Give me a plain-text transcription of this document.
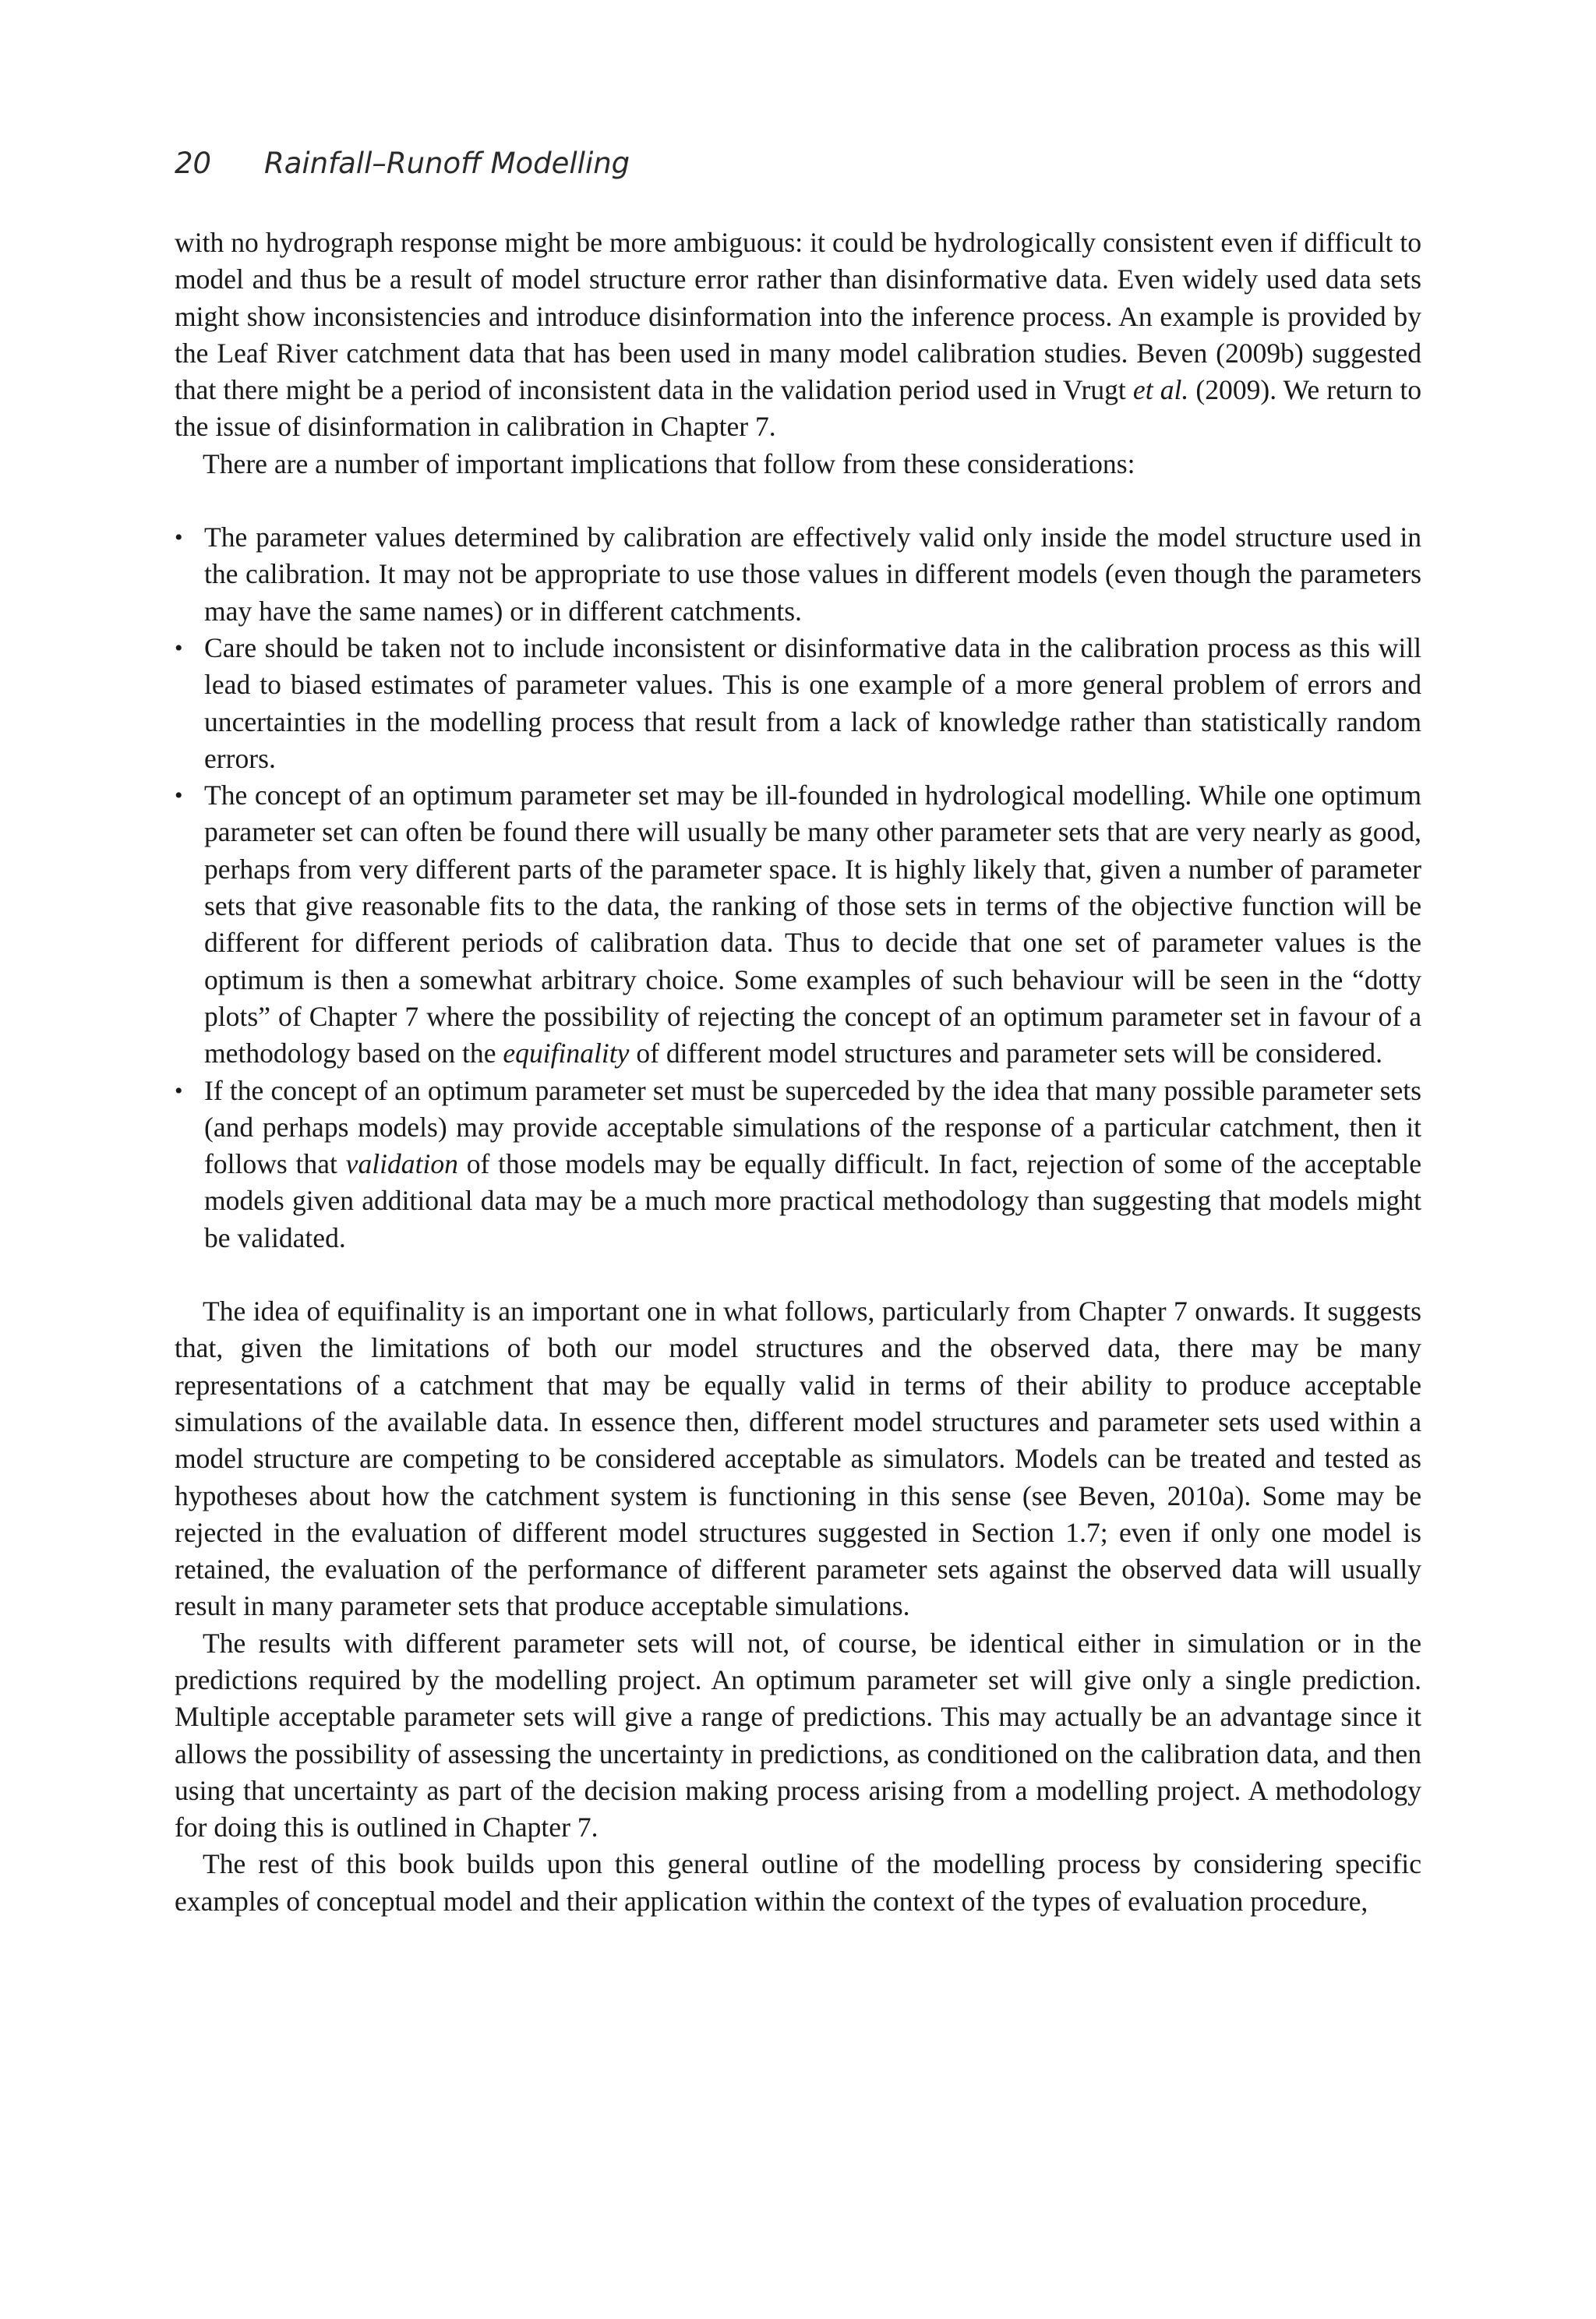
20 Rainfall–Runoff Modelling

with no hydrograph response might be more ambiguous: it could be hydrologically consistent even if difficult to model and thus be a result of model structure error rather than disinformative data. Even widely used data sets might show inconsistencies and introduce disinformation into the inference process. An example is provided by the Leaf River catchment data that has been used in many model calibration studies. Beven (2009b) suggested that there might be a period of inconsistent data in the validation period used in Vrugt et al. (2009). We return to the issue of disinformation in calibration in Chapter 7.

There are a number of important implications that follow from these considerations:

• The parameter values determined by calibration are effectively valid only inside the model structure used in the calibration. It may not be appropriate to use those values in different models (even though the parameters may have the same names) or in different catchments.
• Care should be taken not to include inconsistent or disinformative data in the calibration process as this will lead to biased estimates of parameter values. This is one example of a more general problem of errors and uncertainties in the modelling process that result from a lack of knowledge rather than statistically random errors.
• The concept of an optimum parameter set may be ill-founded in hydrological modelling. While one optimum parameter set can often be found there will usually be many other parameter sets that are very nearly as good, perhaps from very different parts of the parameter space. It is highly likely that, given a number of parameter sets that give reasonable fits to the data, the ranking of those sets in terms of the objective function will be different for different periods of calibration data. Thus to decide that one set of parameter values is the optimum is then a somewhat arbitrary choice. Some examples of such behaviour will be seen in the “dotty plots” of Chapter 7 where the possibility of rejecting the concept of an optimum parameter set in favour of a methodology based on the equifinality of different model structures and parameter sets will be considered.
• If the concept of an optimum parameter set must be superceded by the idea that many possible parameter sets (and perhaps models) may provide acceptable simulations of the response of a particular catchment, then it follows that validation of those models may be equally difficult. In fact, rejection of some of the acceptable models given additional data may be a much more practical methodology than suggesting that models might be validated.

The idea of equifinality is an important one in what follows, particularly from Chapter 7 onwards. It suggests that, given the limitations of both our model structures and the observed data, there may be many representations of a catchment that may be equally valid in terms of their ability to produce acceptable simulations of the available data. In essence then, different model structures and parameter sets used within a model structure are competing to be considered acceptable as simulators. Models can be treated and tested as hypotheses about how the catchment system is functioning in this sense (see Beven, 2010a). Some may be rejected in the evaluation of different model structures suggested in Section 1.7; even if only one model is retained, the evaluation of the performance of different parameter sets against the observed data will usually result in many parameter sets that produce acceptable simulations.

The results with different parameter sets will not, of course, be identical either in simulation or in the predictions required by the modelling project. An optimum parameter set will give only a single prediction. Multiple acceptable parameter sets will give a range of predictions. This may actually be an advantage since it allows the possibility of assessing the uncertainty in predictions, as conditioned on the calibration data, and then using that uncertainty as part of the decision making process arising from a modelling project. A methodology for doing this is outlined in Chapter 7.

The rest of this book builds upon this general outline of the modelling process by considering specific examples of conceptual model and their application within the context of the types of evaluation procedure,
